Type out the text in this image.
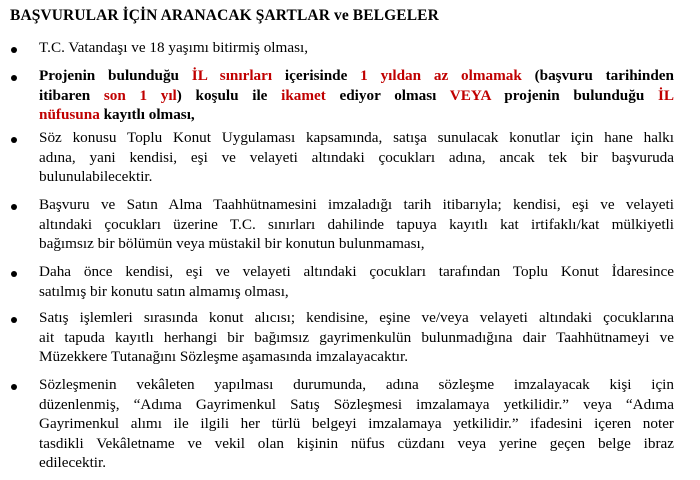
BAŞVURULAR İÇİN ARANACAK ŞARTLAR ve BELGELER
T.C. Vatandaşı ve 18 yaşımı bitirmiş olması,
Projenin bulunduğu İL sınırları içerisinde 1 yıldan az olmamak (başvuru tarihinden
itibaren son 1 yıl) koşulu ile ikamet ediyor olması VEYA projenin bulunduğu İL
nüfusuna kayıtlı olması,
Söz konusu Toplu Konut Uygulaması kapsamında, satışa sunulacak konutlar için hane halkı
adına, yani kendisi, eşi ve velayeti altındaki çocukları adına, ancak tek bir başvuruda
bulunulabilecektir.
Başvuru ve Satın Alma Taahhütnamesini imzaladığı tarih itibarıyla; kendisi, eşi ve velayeti
altındaki çocukları üzerine T.C. sınırları dahilinde tapuya kayıtlı kat irtifaklı/kat mülkiyetli
bağımsız bir bölümün veya müstakil bir konutun bulunmaması,
Daha önce kendisi, eşi ve velayeti altındaki çocukları tarafından Toplu Konut İdaresince
satılmış bir konutu satın almamış olması,
Satış işlemleri sırasında konut alıcısı; kendisine, eşine ve/veya velayeti altındaki çocuklarına
ait tapuda kayıtlı herhangi bir bağımsız gayrimenkulün bulunmadığına dair Taahhütnameyi ve
Müzekkere Tutanağını Sözleşme aşamasında imzalayacaktır.
Sözleşmenin vekâleten yapılması durumunda, adına sözleşme imzalayacak kişi için
düzenlenmiş, “Adıma Gayrimenkul Satış Sözleşmesi imzalamaya yetkilidir.” veya “Adıma
Gayrimenkul alımı ile ilgili her türlü belgeyi imzalamaya yetkilidir.” ifadesini içeren noter
tasdikli Vekâletname ve vekil olan kişinin nüfus cüzdanı veya yerine geçen belge ibraz
edilecektir.
